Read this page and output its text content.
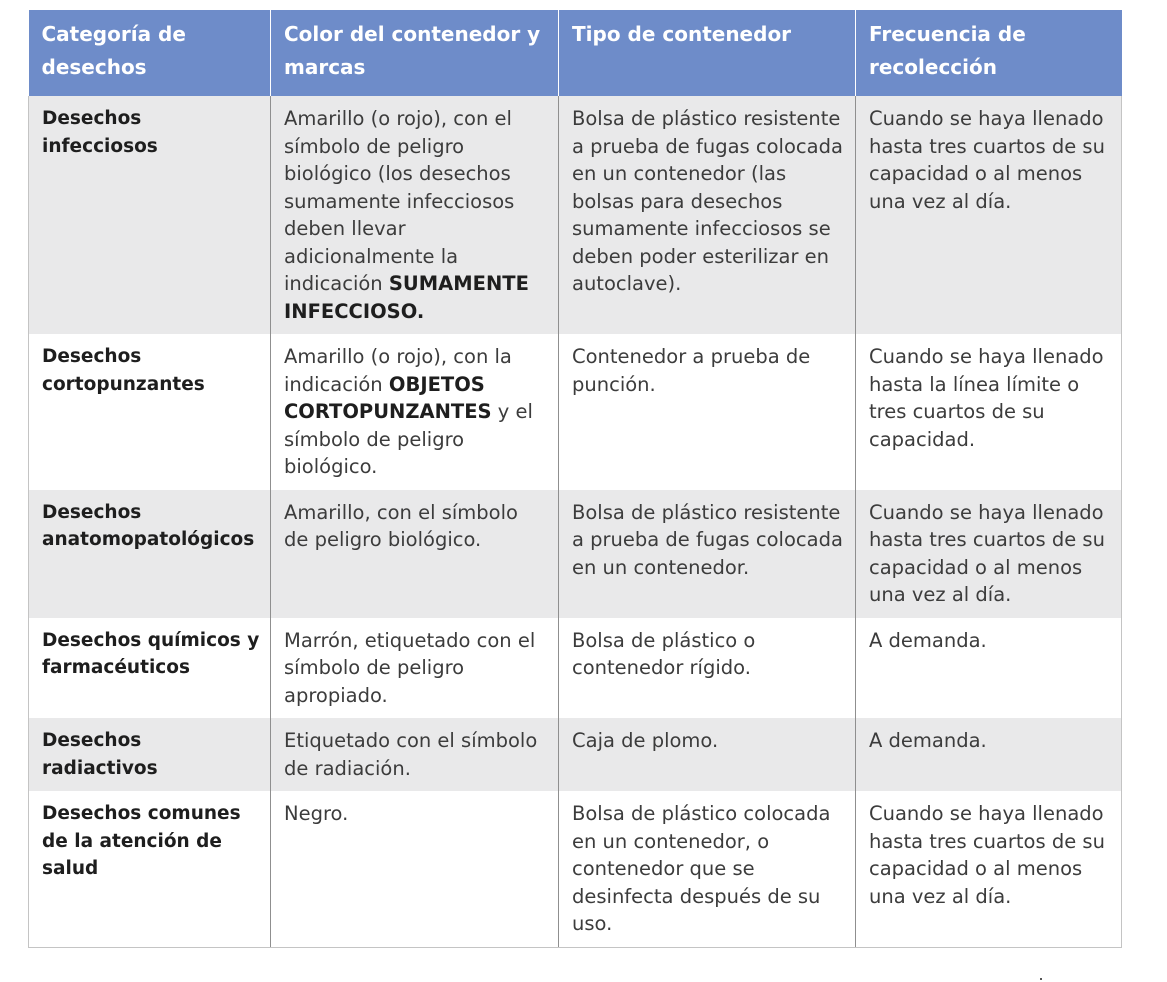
Categoría de desechos	Color del contenedor y marcas	Tipo de contenedor	Frecuencia de recolección
Desechos infecciosos	Amarillo (o rojo), con el símbolo de peligro biológico (los desechos sumamente infecciosos deben llevar adicionalmente la indicación SUMAMENTE INFECCIOSO.	Bolsa de plástico resistente a prueba de fugas colocada en un contenedor (las bolsas para desechos sumamente infecciosos se deben poder esterilizar en autoclave).	Cuando se haya llenado hasta tres cuartos de su capacidad o al menos una vez al día.
Desechos cortopunzantes	Amarillo (o rojo), con la indicación OBJETOS CORTOPUNZANTES y el símbolo de peligro biológico.	Contenedor a prueba de punción.	Cuando se haya llenado hasta la línea límite o tres cuartos de su capacidad.
Desechos anatomopatológicos	Amarillo, con el símbolo de peligro biológico.	Bolsa de plástico resistente a prueba de fugas colocada en un contenedor.	Cuando se haya llenado hasta tres cuartos de su capacidad o al menos una vez al día.
Desechos químicos y farmacéuticos	Marrón, etiquetado con el símbolo de peligro apropiado.	Bolsa de plástico o contenedor rígido.	A demanda.
Desechos radiactivos	Etiquetado con el símbolo de radiación.	Caja de plomo.	A demanda.
Desechos comunes de la atención de salud	Negro.	Bolsa de plástico colocada en un contenedor, o contenedor que se desinfecta después de su uso.	Cuando se haya llenado hasta tres cuartos de su capacidad o al menos una vez al día.
